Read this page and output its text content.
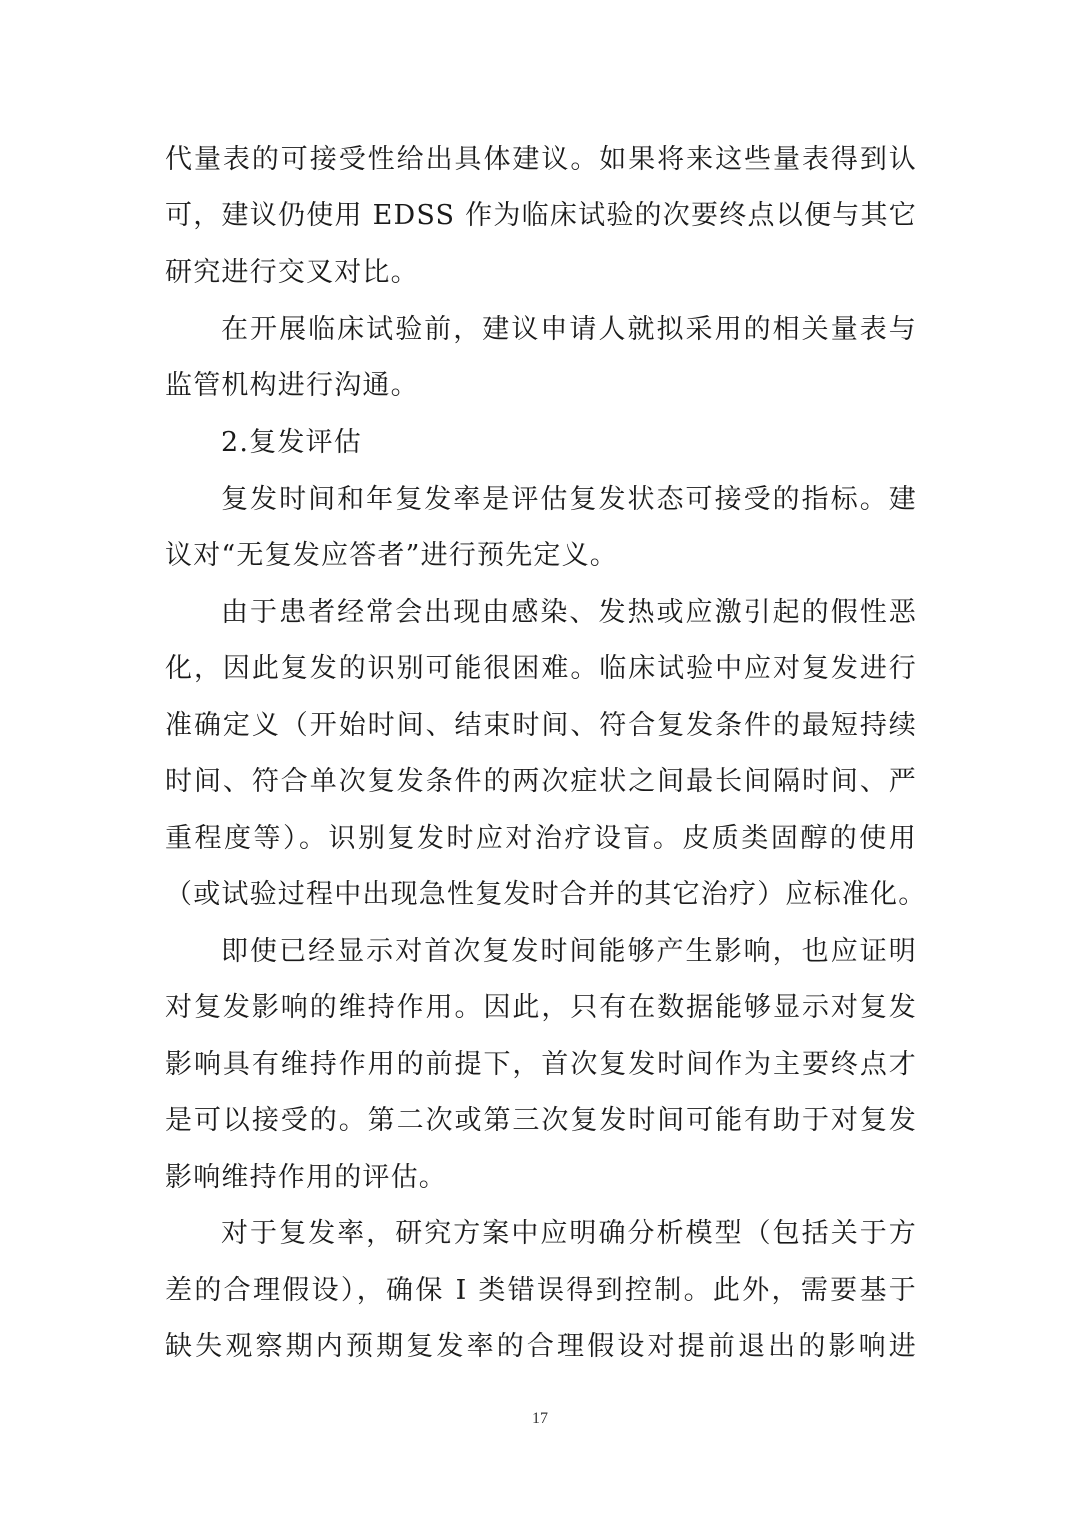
代量表的可接受性给出具体建议。如果将来这些量表得到认
可，建议仍使用 EDSS 作为临床试验的次要终点以便与其它
研究进行交叉对比。
在开展临床试验前，建议申请人就拟采用的相关量表与
监管机构进行沟通。
2.复发评估
复发时间和年复发率是评估复发状态可接受的指标。建
议对“无复发应答者”进行预先定义。
由于患者经常会出现由感染、发热或应激引起的假性恶
化，因此复发的识别可能很困难。临床试验中应对复发进行
准确定义（开始时间、结束时间、符合复发条件的最短持续
时间、符合单次复发条件的两次症状之间最长间隔时间、严
重程度等）。识别复发时应对治疗设盲。皮质类固醇的使用
（或试验过程中出现急性复发时合并的其它治疗）应标准化。
即使已经显示对首次复发时间能够产生影响，也应证明
对复发影响的维持作用。因此，只有在数据能够显示对复发
影响具有维持作用的前提下，首次复发时间作为主要终点才
是可以接受的。第二次或第三次复发时间可能有助于对复发
影响维持作用的评估。
对于复发率，研究方案中应明确分析模型（包括关于方
差的合理假设），确保 I 类错误得到控制。此外，需要基于
缺失观察期内预期复发率的合理假设对提前退出的影响进
17
